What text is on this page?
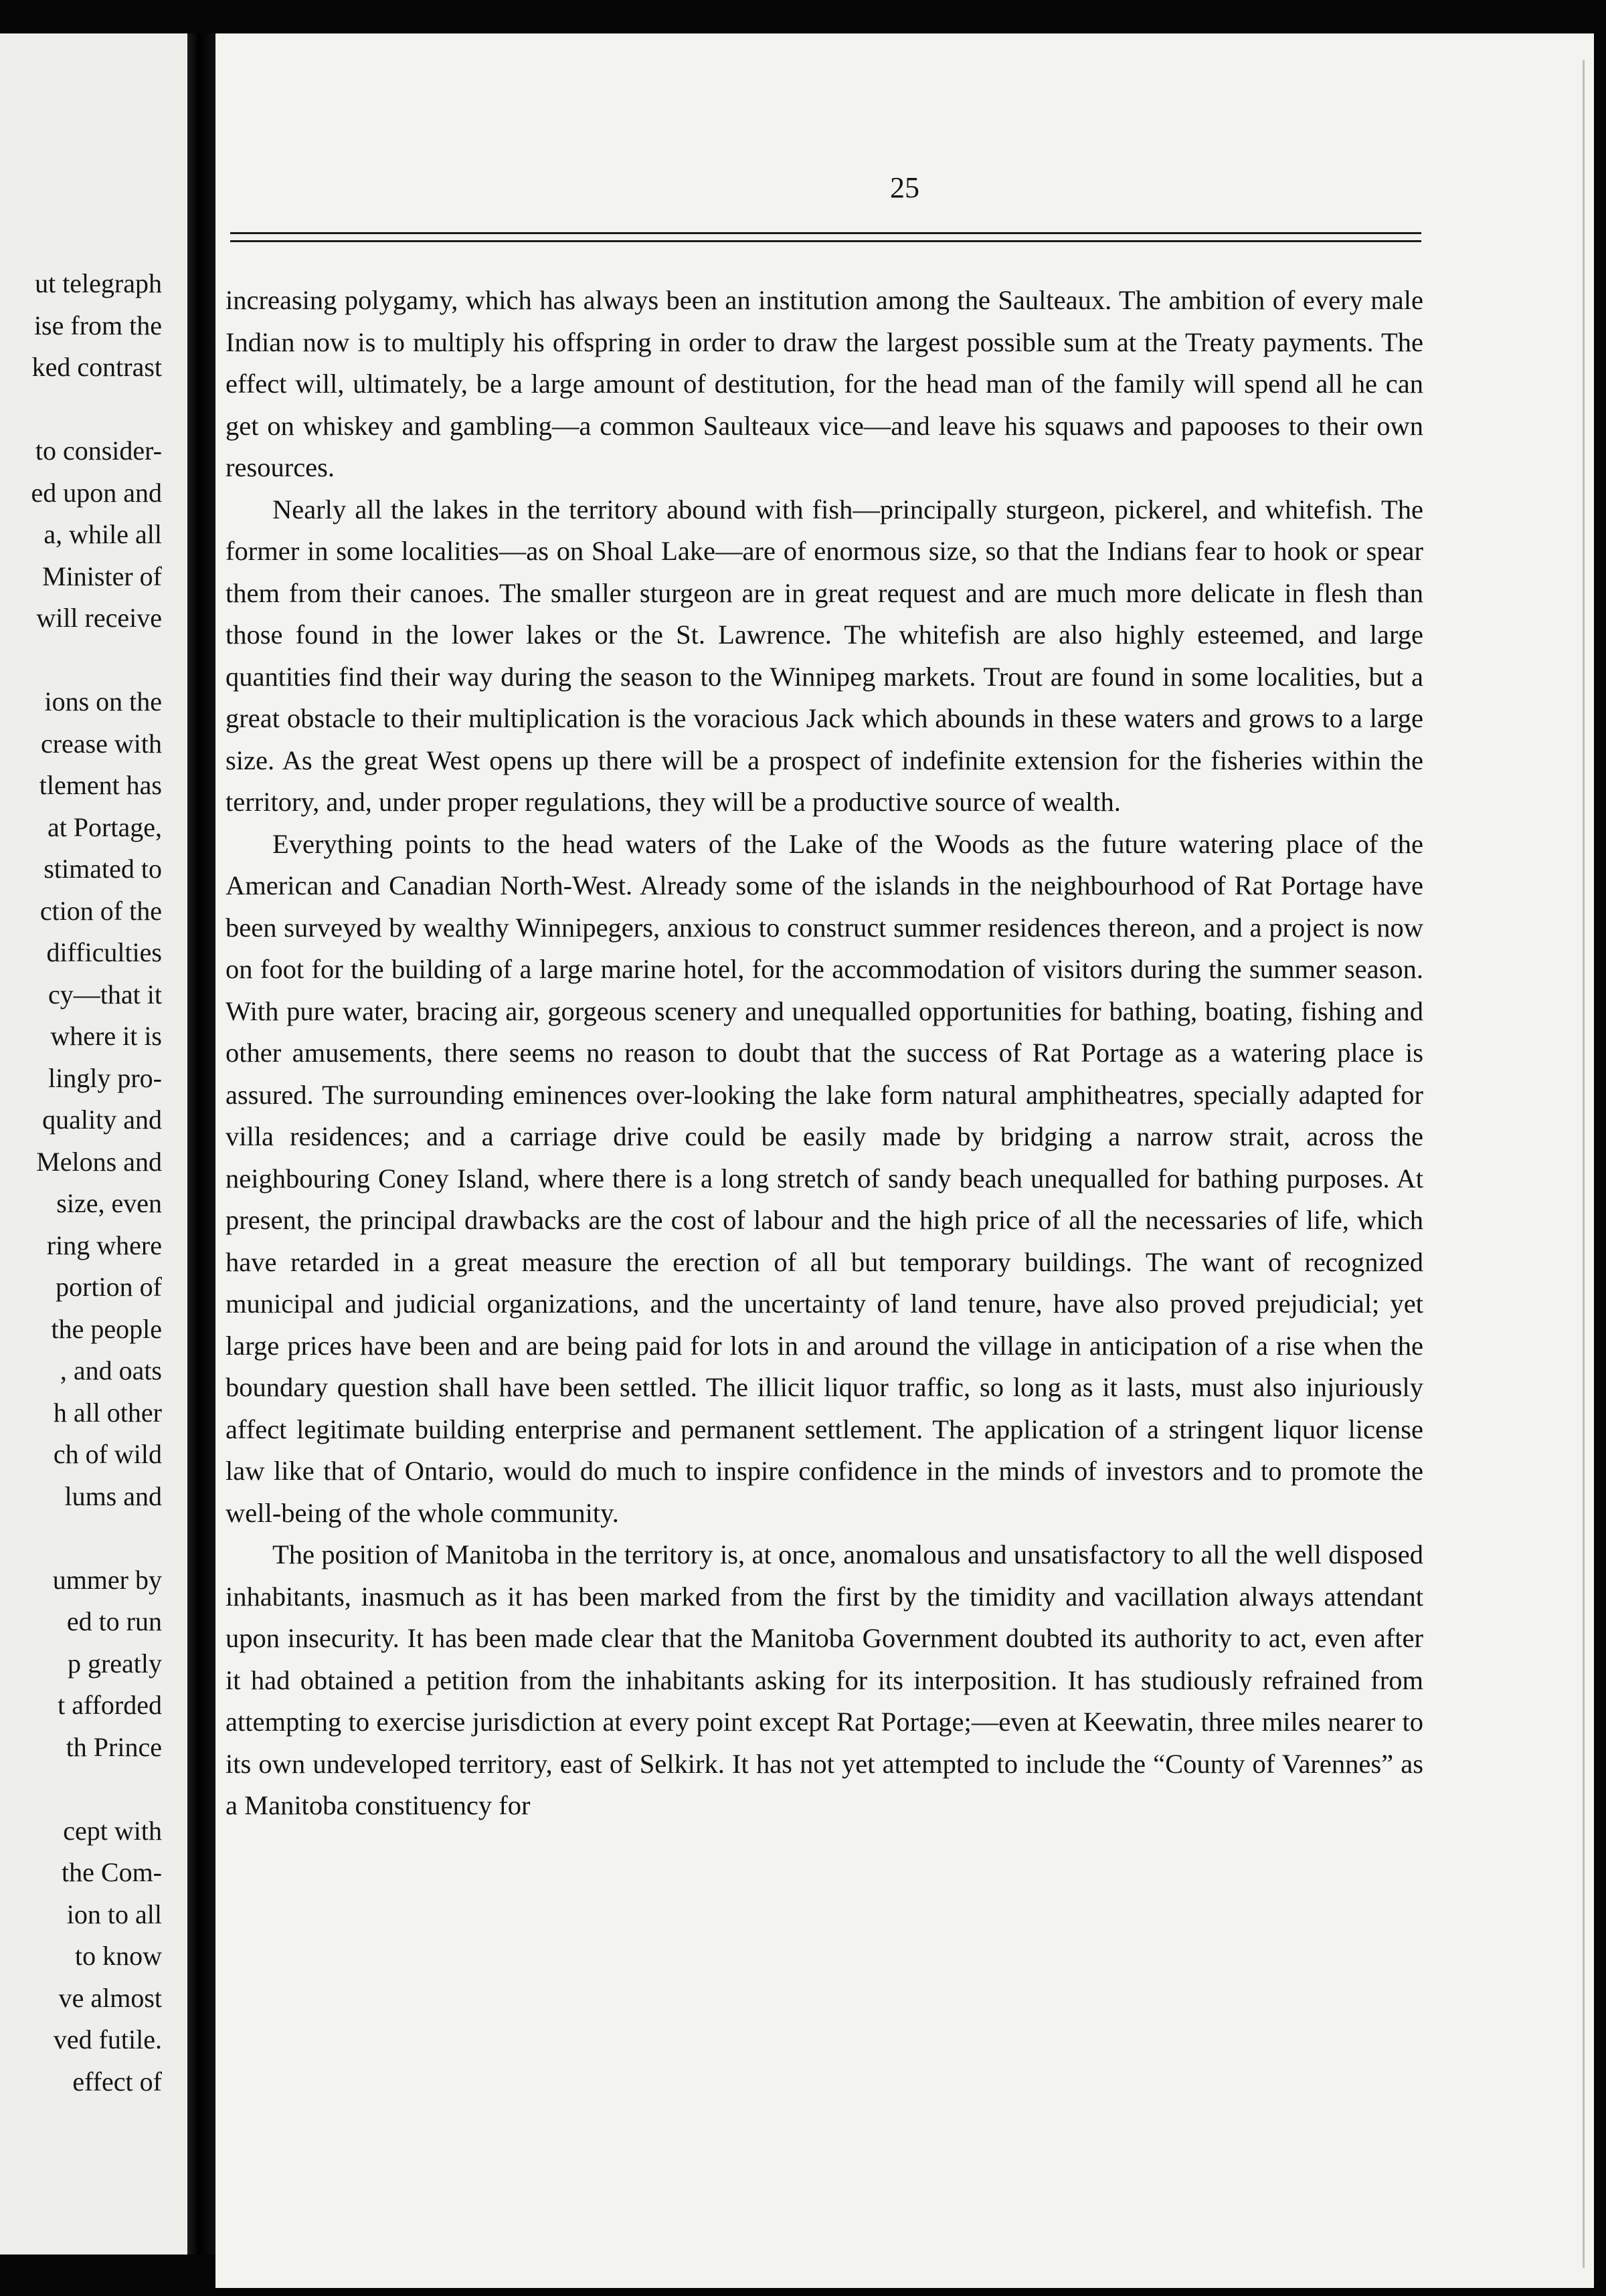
ut telegraph

ise from the

ked contrast

to consider-

ed upon and

a, while all

Minister of

will receive

ions on the

crease with

tlement has

at Portage,

stimated to

ction of the

difficulties

cy—that it

where it is

lingly pro-

quality and

Melons and

size, even

ring where

portion of

the people

, and oats

h all other

ch of wild

lums and

ummer by

ed to run

p greatly

t afforded

th Prince

cept with

the Com-

ion to all

to know

ve almost

ved futile.

effect of

25

increasing polygamy, which has always been an institution among the Saulteaux. The ambition of every male Indian now is to multiply his offspring in order to draw the largest possible sum at the Treaty payments. The effect will, ultimately, be a large amount of destitution, for the head man of the family will spend all he can get on whiskey and gambling—a common Saulteaux vice—and leave his squaws and papooses to their own resources.

Nearly all the lakes in the territory abound with fish—principally sturgeon, pickerel, and whitefish. The former in some localities—as on Shoal Lake—are of enormous size, so that the Indians fear to hook or spear them from their canoes. The smaller sturgeon are in great request and are much more delicate in flesh than those found in the lower lakes or the St. Lawrence. The whitefish are also highly esteemed, and large quantities find their way during the season to the Winnipeg markets. Trout are found in some localities, but a great obstacle to their multiplication is the voracious Jack which abounds in these waters and grows to a large size. As the great West opens up there will be a prospect of indefinite extension for the fisheries within the territory, and, under proper regulations, they will be a productive source of wealth.

Everything points to the head waters of the Lake of the Woods as the future watering place of the American and Canadian North-West. Already some of the islands in the neighbourhood of Rat Portage have been surveyed by wealthy Winnipegers, anxious to construct summer residences thereon, and a project is now on foot for the building of a large marine hotel, for the accommodation of visitors during the summer season. With pure water, bracing air, gorgeous scenery and unequalled opportunities for bathing, boating, fishing and other amusements, there seems no reason to doubt that the success of Rat Portage as a watering place is assured. The surrounding eminences over-looking the lake form natural amphitheatres, specially adapted for villa residences; and a carriage drive could be easily made by bridging a narrow strait, across the neighbouring Coney Island, where there is a long stretch of sandy beach unequalled for bathing purposes. At present, the principal drawbacks are the cost of labour and the high price of all the necessaries of life, which have retarded in a great measure the erection of all but temporary buildings. The want of recognized municipal and judicial organizations, and the uncertainty of land tenure, have also proved prejudicial; yet large prices have been and are being paid for lots in and around the village in anticipation of a rise when the boundary question shall have been settled. The illicit liquor traffic, so long as it lasts, must also injuriously affect legitimate building enterprise and permanent settlement. The application of a stringent liquor license law like that of Ontario, would do much to inspire confidence in the minds of investors and to promote the well-being of the whole community.

The position of Manitoba in the territory is, at once, anomalous and unsatisfactory to all the well disposed inhabitants, inasmuch as it has been marked from the first by the timidity and vacillation always attendant upon insecurity. It has been made clear that the Manitoba Government doubted its authority to act, even after it had obtained a petition from the inhabitants asking for its interposition. It has studiously refrained from attempting to exercise jurisdiction at every point except Rat Portage;—even at Keewatin, three miles nearer to its own undeveloped territory, east of Selkirk. It has not yet attempted to include the “County of Varennes” as a Manitoba constituency for
